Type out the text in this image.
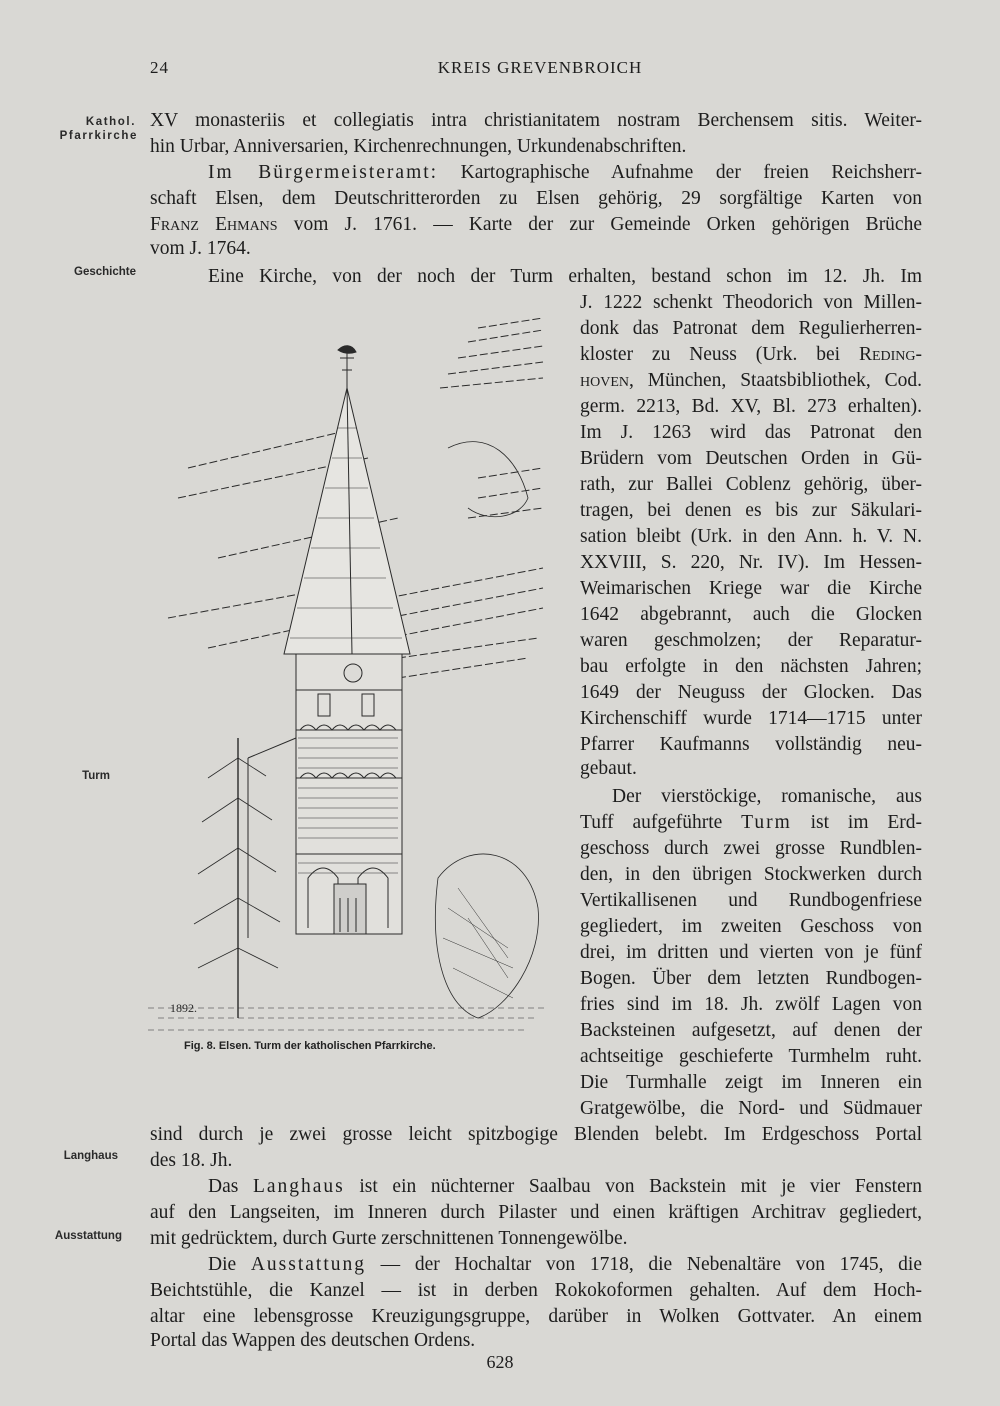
24	KREIS GREVENBROICH
Kathol.
Pfarrkirche
Geschichte
Turm
Langhaus
Ausstattung
XV monasteriis et collegiatis intra christianitatem nostram Berchensem sitis. Weiter-
hin Urbar, Anniversarien, Kirchenrechnungen, Urkundenabschriften.
Im Bürgermeisteramt: Kartographische Aufnahme der freien Reichsherr-
schaft Elsen, dem Deutschritterorden zu Elsen gehörig, 29 sorgfältige Karten von
Franz Ehmans vom J. 1761. — Karte der zur Gemeinde Orken gehörigen Brüche
vom J. 1764.
Eine Kirche, von der noch der Turm erhalten, bestand schon im 12. Jh. Im
J. 1222 schenkt Theodorich von Millen-
donk das Patronat dem Regulierherren-
kloster zu Neuss (Urk. bei Reding-
hoven, München, Staatsbibliothek, Cod.
germ. 2213, Bd. XV, Bl. 273 erhalten).
Im J. 1263 wird das Patronat den
Brüdern vom Deutschen Orden in Gü-
rath, zur Ballei Coblenz gehörig, über-
tragen, bei denen es bis zur Säkulari-
sation bleibt (Urk. in den Ann. h. V. N.
XXVIII, S. 220, Nr. IV). Im Hessen-
Weimarischen Kriege war die Kirche
1642 abgebrannt, auch die Glocken
waren geschmolzen; der Reparatur-
bau erfolgte in den nächsten Jahren;
1649 der Neuguss der Glocken. Das
Kirchenschiff wurde 1714—1715 unter
Pfarrer Kaufmanns vollständig neu-
gebaut.
Der vierstöckige, romanische, aus
Tuff aufgeführte Turm ist im Erd-
geschoss durch zwei grosse Rundblen-
den, in den übrigen Stockwerken durch
Vertikallisenen und Rundbogenfriese
gegliedert, im zweiten Geschoss von
drei, im dritten und vierten von je fünf
Bogen. Über dem letzten Rundbogen-
fries sind im 18. Jh. zwölf Lagen von
Backsteinen aufgesetzt, auf denen der
achtseitige geschieferte Turmhelm ruht.
Die Turmhalle zeigt im Inneren ein
Gratgewölbe, die Nord- und Südmauer
1892.
Fig. 8. Elsen. Turm der katholischen Pfarrkirche.
sind durch je zwei grosse leicht spitzbogige Blenden belebt. Im Erdgeschoss Portal
des 18. Jh.
Das Langhaus ist ein nüchterner Saalbau von Backstein mit je vier Fenstern
auf den Langseiten, im Inneren durch Pilaster und einen kräftigen Architrav gegliedert,
mit gedrücktem, durch Gurte zerschnittenen Tonnengewölbe.
Die Ausstattung — der Hochaltar von 1718, die Nebenaltäre von 1745, die
Beichtstühle, die Kanzel — ist in derben Rokokoformen gehalten. Auf dem Hoch-
altar eine lebensgrosse Kreuzigungsgruppe, darüber in Wolken Gottvater. An einem
Portal das Wappen des deutschen Ordens.
628
